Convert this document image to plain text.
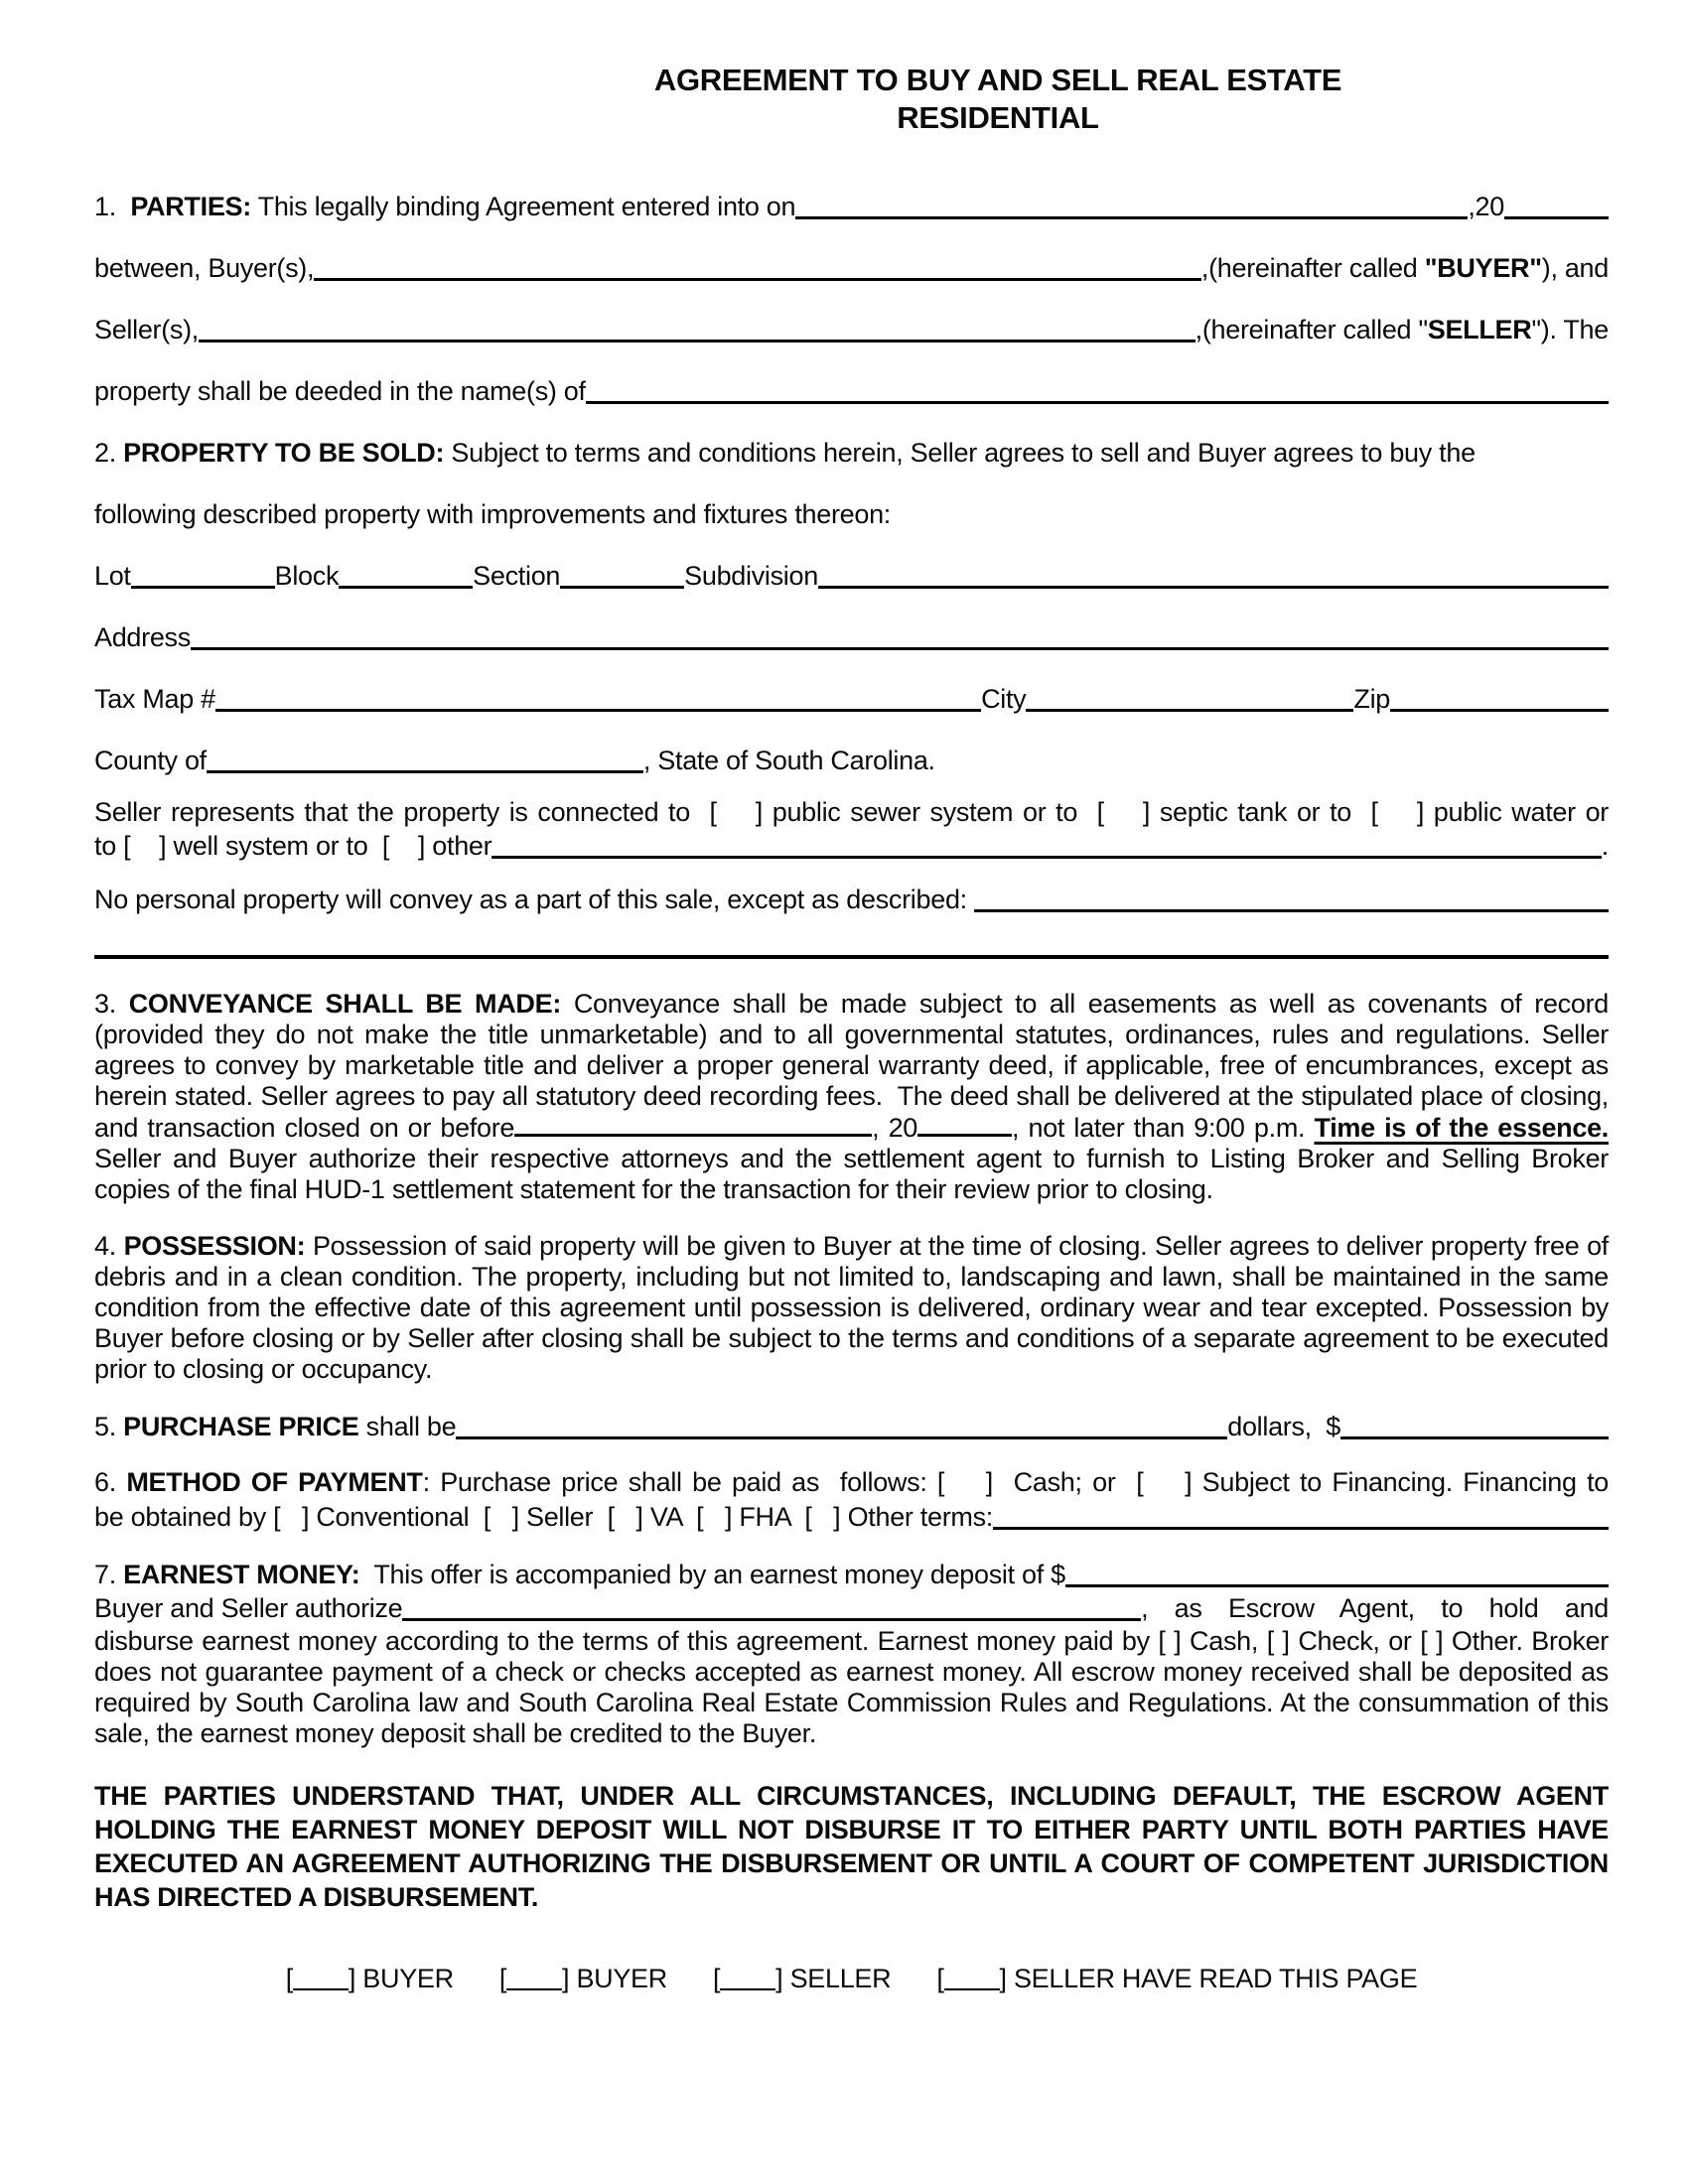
AGREEMENT TO BUY AND SELL REAL ESTATE
RESIDENTIAL
1. PARTIES: This legally binding Agreement entered into on	,20
between, Buyer(s),	,(hereinafter called "BUYER" ), and
Seller(s),	,(hereinafter called " SELLER "). The
property shall be deeded in the name(s) of
2. PROPERTY TO BE SOLD: Subject to terms and conditions herein, Seller agrees to sell and Buyer agrees to buy the
following described property with improvements and fixtures thereon:
Lot	Block	Section	Subdivision
Address
Tax Map #	City	Zip
County of	, State of South Carolina.
Seller represents that the property is connected to  [    ] public sewer system or to  [    ] septic tank or to  [    ] public water or
to [    ] well system or to  [    ] other	.
No personal property will convey as a part of this sale, except as described:

3. CONVEYANCE SHALL BE MADE: Conveyance shall be made subject to all easements as well as covenants of record (provided they do not make the title unmarketable) and to all governmental statutes, ordinances, rules and regulations. Seller agrees to convey by marketable title and deliver a proper general warranty deed, if applicable, free of encumbrances, except as herein stated. Seller agrees to pay all statutory deed recording fees.  The deed shall be delivered at the stipulated place of closing, and transaction closed on or before	, 20	, not later than 9:00 p.m. Time is of the essence. Seller and Buyer authorize their respective attorneys and the settlement agent to furnish to Listing Broker and Selling Broker copies of the final HUD-1 settlement statement for the transaction for their review prior to closing.

4. POSSESSION: Possession of said property will be given to Buyer at the time of closing. Seller agrees to deliver property free of debris and in a clean condition. The property, including but not limited to, landscaping and lawn, shall be maintained in the same condition from the effective date of this agreement until possession is delivered, ordinary wear and tear excepted. Possession by Buyer before closing or by Seller after closing shall be subject to the terms and conditions of a separate agreement to be executed prior to closing or occupancy.

5. PURCHASE PRICE shall be	dollars,  $
6. METHOD OF PAYMENT: Purchase price shall be paid as  follows: [    ]  Cash; or  [    ] Subject to Financing. Financing to
be obtained by [   ] Conventional  [   ] Seller  [   ] VA  [   ] FHA  [   ] Other terms:
7. EARNEST MONEY: This offer is accompanied by an earnest money deposit of $
Buyer and Seller authorize	,  as  Escrow  Agent,  to  hold  and

disburse earnest money according to the terms of this agreement. Earnest money paid by [ ] Cash, [ ] Check, or [ ] Other. Broker does not guarantee payment of a check or checks accepted as earnest money. All escrow money received shall be deposited as required by South Carolina law and South Carolina Real Estate Commission Rules and Regulations. At the consummation of this sale, the earnest money deposit shall be credited to the Buyer.

THE PARTIES UNDERSTAND THAT, UNDER ALL CIRCUMSTANCES, INCLUDING DEFAULT, THE ESCROW AGENT HOLDING THE EARNEST MONEY DEPOSIT WILL NOT DISBURSE IT TO EITHER PARTY UNTIL BOTH PARTIES HAVE EXECUTED AN AGREEMENT AUTHORIZING THE DISBURSEMENT OR UNTIL A COURT OF COMPETENT JURISDICTION HAS DIRECTED A DISBURSEMENT.

[ ] BUYER [ ] BUYER [ ] SELLER [ ] SELLER HAVE READ THIS PAGE
